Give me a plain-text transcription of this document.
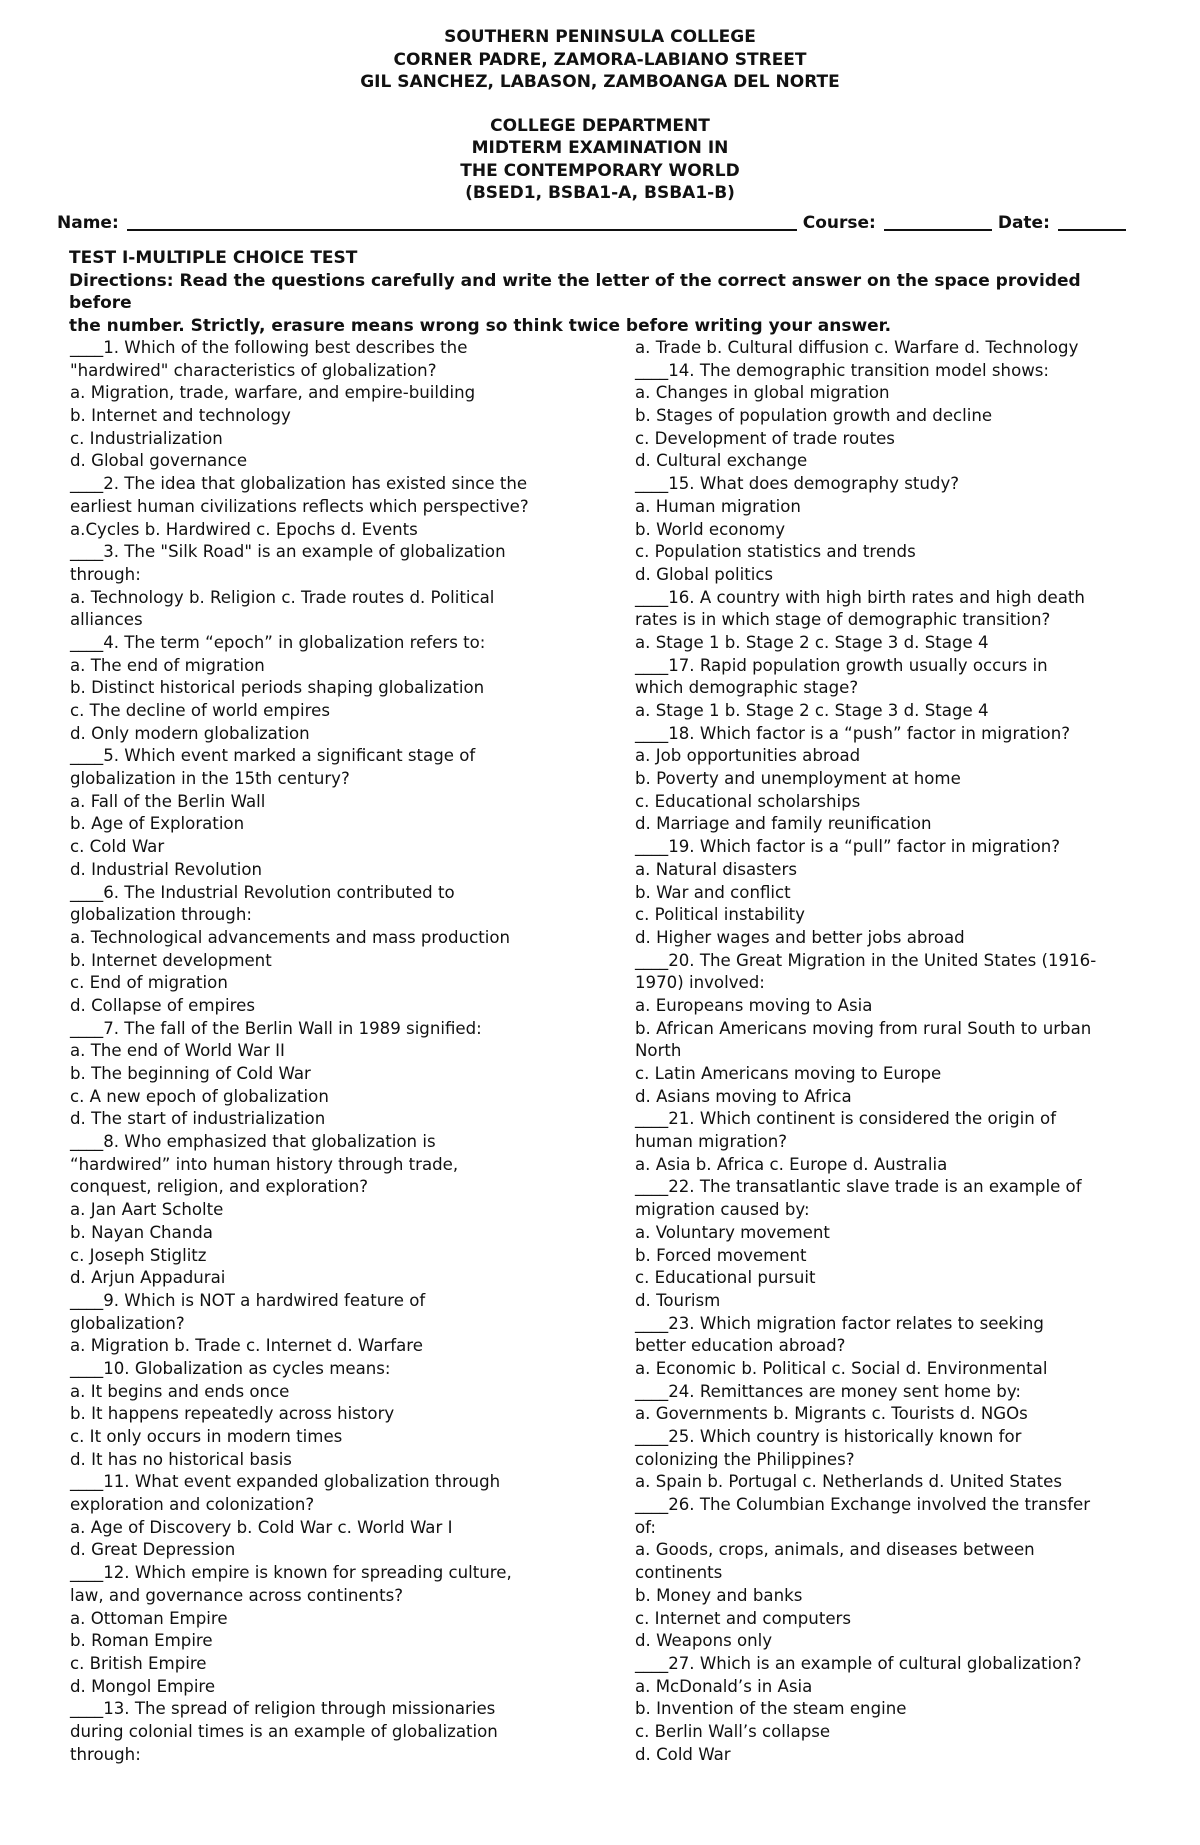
SOUTHERN PENINSULA COLLEGE
CORNER PADRE, ZAMORA-LABIANO STREET
GIL SANCHEZ, LABASON, ZAMBOANGA DEL NORTE
COLLEGE DEPARTMENT
MIDTERM EXAMINATION IN
THE CONTEMPORARY WORLD
(BSED1, BSBA1-A, BSBA1-B)
Name:	Course:	Date:
TEST I-MULTIPLE CHOICE TEST
Directions: Read the questions carefully and write the letter of the correct answer on the space provided before
the number. Strictly, erasure means wrong so think twice before writing your answer.
____1. Which of the following best describes the
"hardwired" characteristics of globalization?
a. Migration, trade, warfare, and empire-building
b. Internet and technology
c. Industrialization
d. Global governance
____2. The idea that globalization has existed since the
earliest human civilizations reflects which perspective?
a.Cycles b. Hardwired c. Epochs d. Events
____3. The "Silk Road" is an example of globalization
through:
a. Technology b. Religion c. Trade routes d. Political
alliances
____4. The term “epoch” in globalization refers to:
a. The end of migration
b. Distinct historical periods shaping globalization
c. The decline of world empires
d. Only modern globalization
____5. Which event marked a significant stage of
globalization in the 15th century?
a. Fall of the Berlin Wall
b. Age of Exploration
c. Cold War
d. Industrial Revolution
____6. The Industrial Revolution contributed to
globalization through:
a. Technological advancements and mass production
b. Internet development
c. End of migration
d. Collapse of empires
____7. The fall of the Berlin Wall in 1989 signified:
a. The end of World War II
b. The beginning of Cold War
c. A new epoch of globalization
d. The start of industrialization
____8. Who emphasized that globalization is
“hardwired” into human history through trade,
conquest, religion, and exploration?
a. Jan Aart Scholte
b. Nayan Chanda
c. Joseph Stiglitz
d. Arjun Appadurai
____9. Which is NOT a hardwired feature of
globalization?
a. Migration b. Trade c. Internet d. Warfare
____10. Globalization as cycles means:
a. It begins and ends once
b. It happens repeatedly across history
c. It only occurs in modern times
d. It has no historical basis
____11. What event expanded globalization through
exploration and colonization?
a. Age of Discovery b. Cold War c. World War I
d. Great Depression
____12. Which empire is known for spreading culture,
law, and governance across continents?
a. Ottoman Empire
b. Roman Empire
c. British Empire
d. Mongol Empire
____13. The spread of religion through missionaries
during colonial times is an example of globalization
through:
a. Trade b. Cultural diffusion c. Warfare d. Technology
____14. The demographic transition model shows:
a. Changes in global migration
b. Stages of population growth and decline
c. Development of trade routes
d. Cultural exchange
____15. What does demography study?
a. Human migration
b. World economy
c. Population statistics and trends
d. Global politics
____16. A country with high birth rates and high death
rates is in which stage of demographic transition?
a. Stage 1 b. Stage 2 c. Stage 3 d. Stage 4
____17. Rapid population growth usually occurs in
which demographic stage?
a. Stage 1 b. Stage 2 c. Stage 3 d. Stage 4
____18. Which factor is a “push” factor in migration?
a. Job opportunities abroad
b. Poverty and unemployment at home
c. Educational scholarships
d. Marriage and family reunification
____19. Which factor is a “pull” factor in migration?
a. Natural disasters
b. War and conflict
c. Political instability
d. Higher wages and better jobs abroad
____20. The Great Migration in the United States (1916-
1970) involved:
a. Europeans moving to Asia
b. African Americans moving from rural South to urban
North
c. Latin Americans moving to Europe
d. Asians moving to Africa
____21. Which continent is considered the origin of
human migration?
a. Asia b. Africa c. Europe d. Australia
____22. The transatlantic slave trade is an example of
migration caused by:
a. Voluntary movement
b. Forced movement
c. Educational pursuit
d. Tourism
____23. Which migration factor relates to seeking
better education abroad?
a. Economic b. Political c. Social d. Environmental
____24. Remittances are money sent home by:
a. Governments b. Migrants c. Tourists d. NGOs
____25. Which country is historically known for
colonizing the Philippines?
a. Spain b. Portugal c. Netherlands d. United States
____26. The Columbian Exchange involved the transfer
of:
a. Goods, crops, animals, and diseases between
continents
b. Money and banks
c. Internet and computers
d. Weapons only
____27. Which is an example of cultural globalization?
a. McDonald’s in Asia
b. Invention of the steam engine
c. Berlin Wall’s collapse
d. Cold War
